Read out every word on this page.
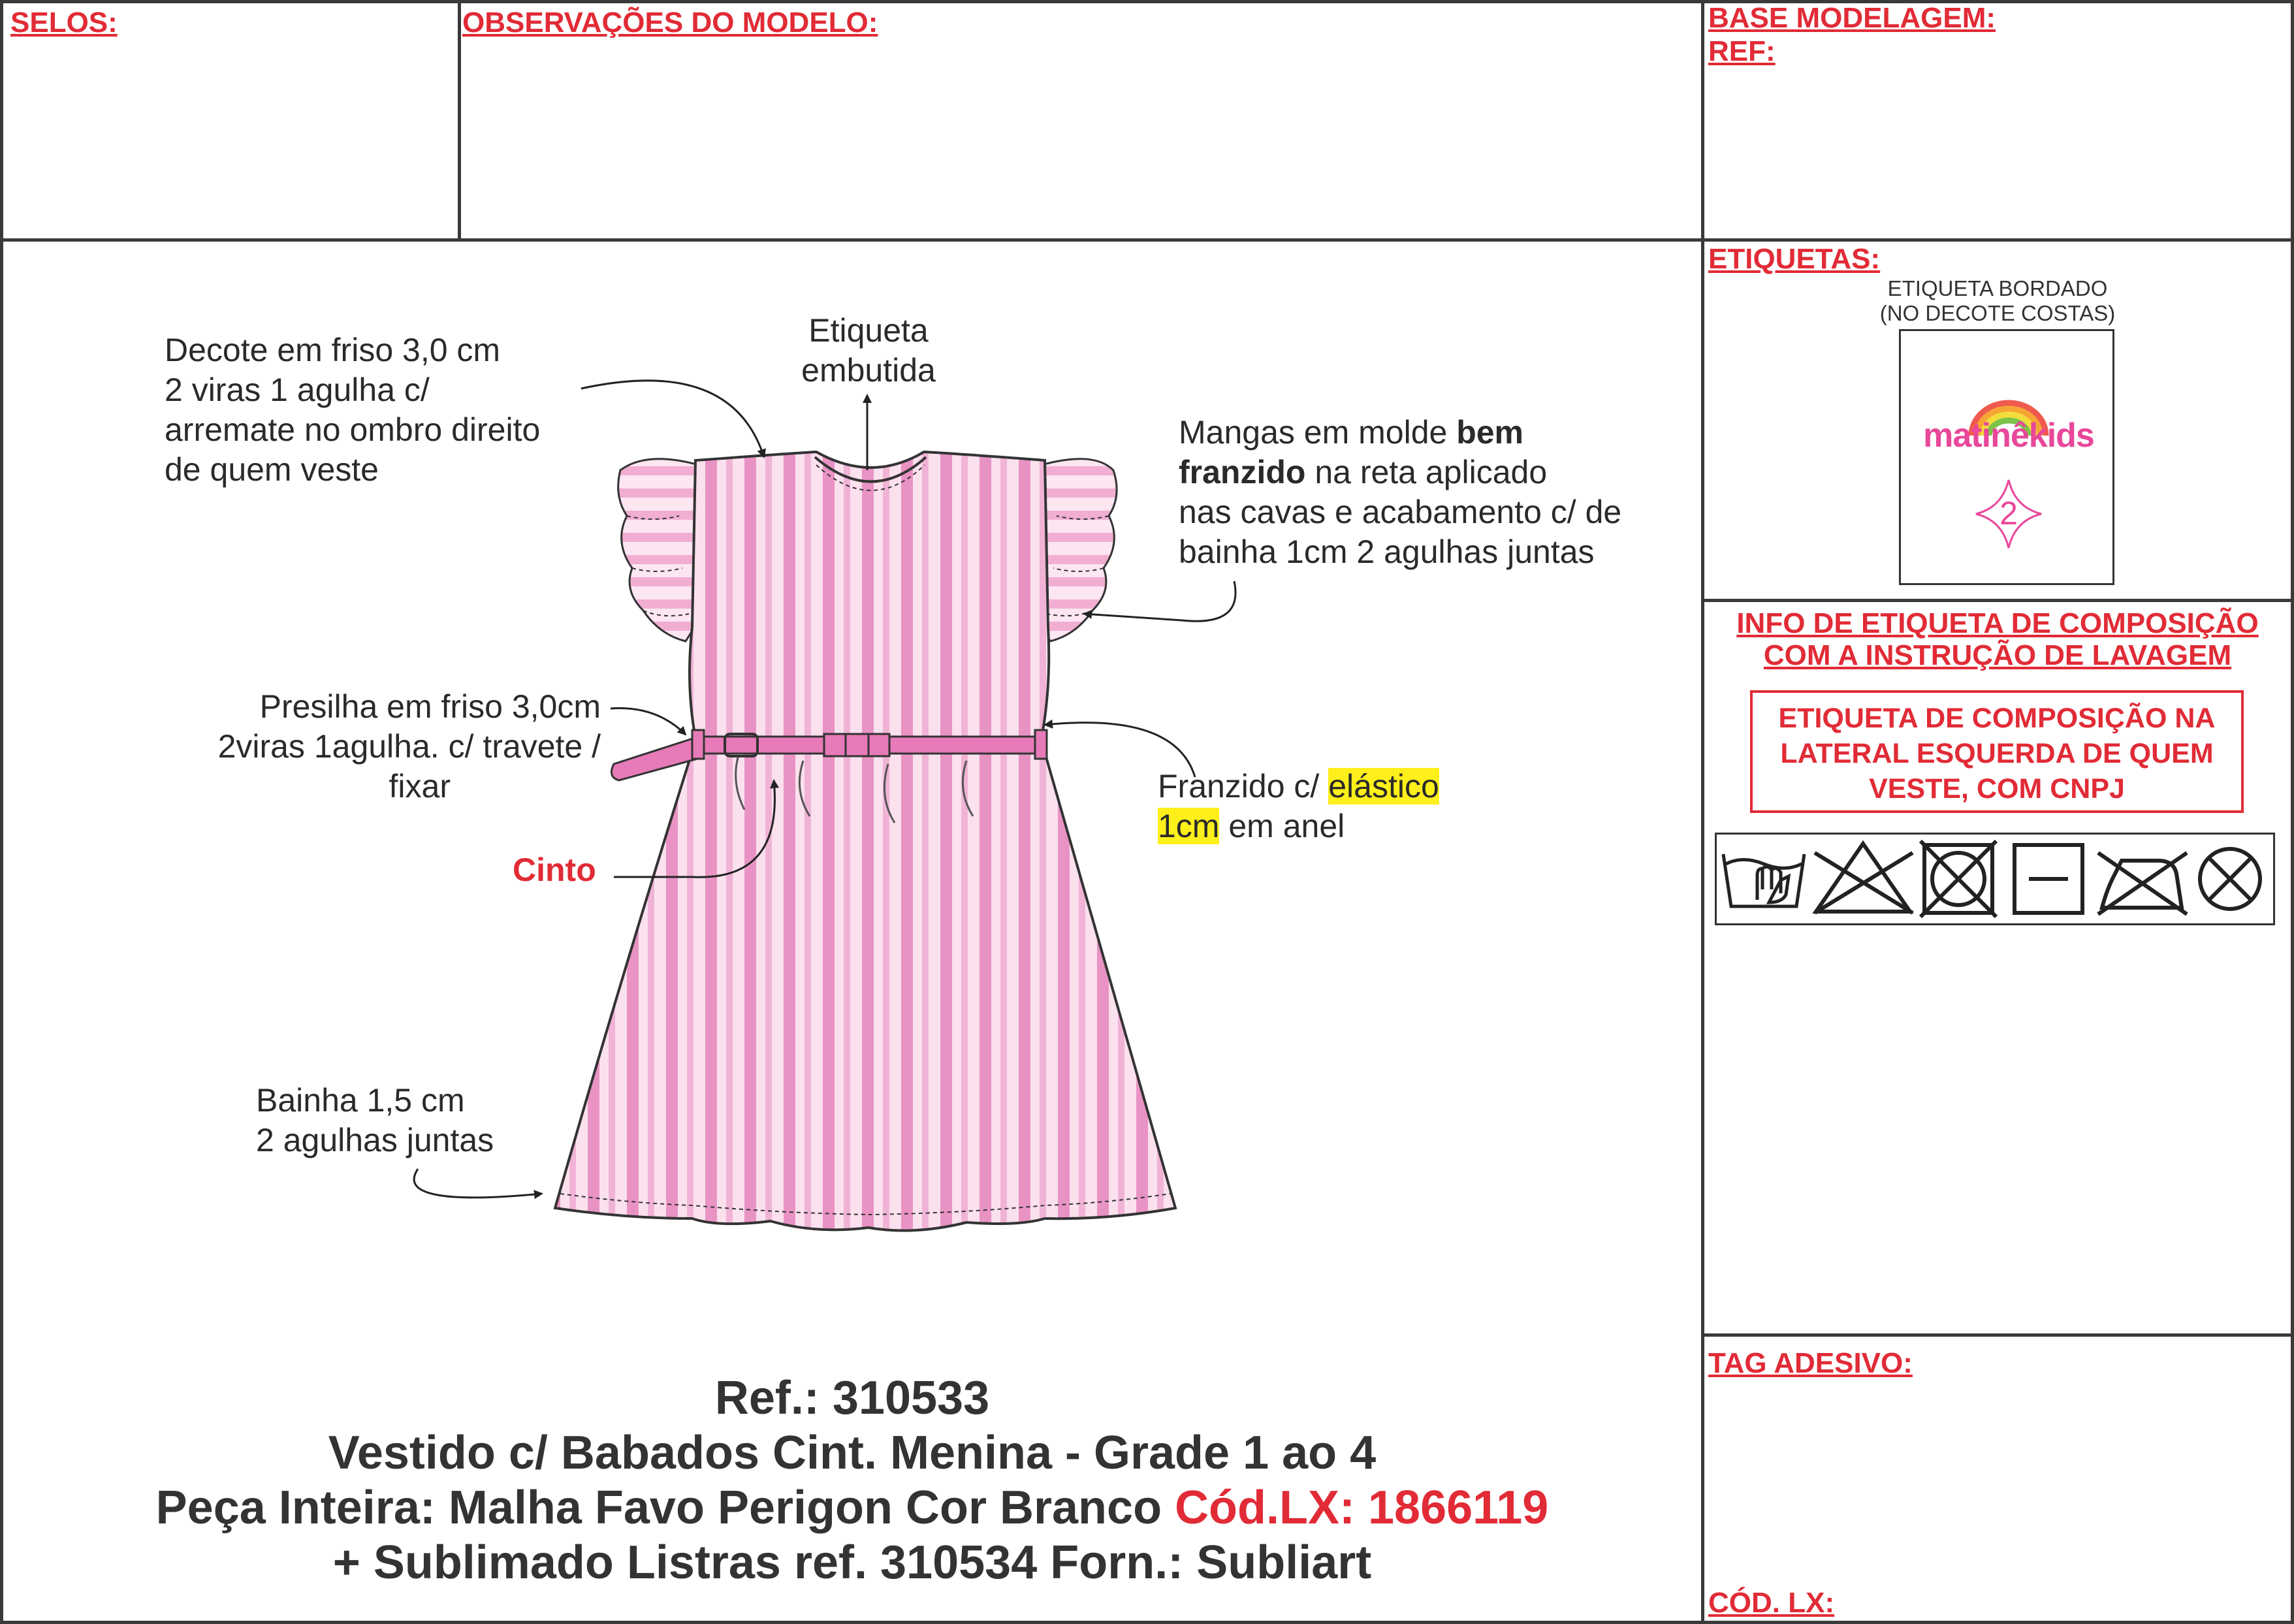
SELOS:	OBSERVAÇÕES DO MODELO:	BASE MODELAGEM:
REF:
ETIQUETAS:
TAG ADESIVO:
CÓD. LX:
ETIQUETA BORDADO
(NO DECOTE COSTAS)
matinêkids
2
INFO DE ETIQUETA DE COMPOSIÇÃO
COM A INSTRUÇÃO DE LAVAGEM
ETIQUETA DE COMPOSIÇÃO NA
LATERAL ESQUERDA DE QUEM
VESTE, COM CNPJ
Decote em friso 3,0 cm
2 viras 1 agulha c/
arremate no ombro direito
de quem veste
Etiqueta
embutida
Mangas em molde bem
franzido na reta aplicado
nas cavas e acabamento c/ de
bainha 1cm 2 agulhas juntas
Presilha em friso 3,0cm
2viras 1agulha. c/ travete /
fixar	Franzido c/ elástico
1cm em anel
Cinto
Bainha 1,5 cm
2 agulhas juntas
Ref.: 310533
Vestido c/ Babados Cint. Menina - Grade 1 ao 4
Peça Inteira: Malha Favo Perigon Cor Branco Cód.LX: 1866119
+ Sublimado Listras ref. 310534 Forn.: Subliart
